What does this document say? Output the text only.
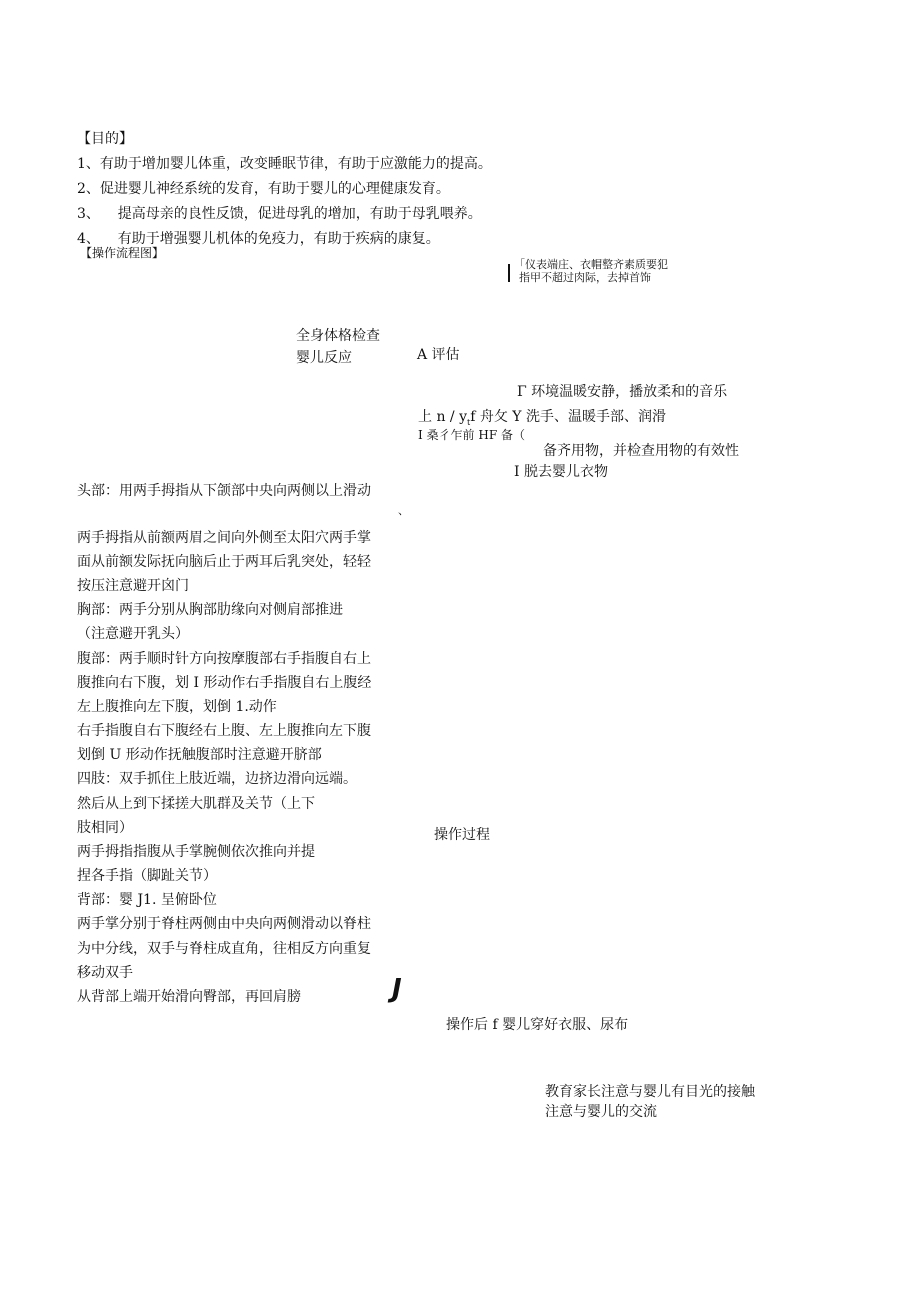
【目的】
1、有助于增加婴儿体重，改变睡眠节律，有助于应激能力的提高。
2、促进婴儿神经系统的发育，有助于婴儿的心理健康发育。
3、    提高母亲的良性反馈，促进母乳的增加，有助于母乳喂养。
4、    有助于增强婴儿机体的免疫力，有助于疾病的康复。
【操作流程图】
「仪表端庄、衣帽整齐素质要犯
指甲不超过肉际，去掉首饰
全身体格检查
婴儿反应	A 评估
Γ 环境温暖安静，播放柔和的音乐
上 n / $y_tf$ 舟攵 Y 洗手、温暖手部、润滑
I 桑彳乍前 HF 备（
备齐用物，并检查用物的有效性
I 脱去婴儿衣物
头部：用两手拇指从下颌部中央向两侧以上滑动
、
两手拇指从前额两眉之间向外侧至太阳穴两手掌
面从前额发际抚向脑后止于两耳后乳突处，轻轻
按压注意避开囟门
胸部：两手分别从胸部肋缘向对侧肩部推进
（注意避开乳头）
腹部：两手顺时针方向按摩腹部右手指腹自右上
腹推向右下腹，划 I 形动作右手指腹自右上腹经
左上腹推向左下腹，划倒 1.动作
右手指腹自右下腹经右上腹、左上腹推向左下腹
划倒 U 形动作抚触腹部时注意避开脐部
四肢：双手抓住上肢近端，边挤边滑向远端。
然后从上到下揉搓大肌群及关节（上下
肢相同）
两手拇指指腹从手掌腕侧依次推向并提
捏各手指（脚趾关节）
背部：婴 J1. 呈俯卧位
两手掌分别于脊柱两侧由中央向两侧滑动以脊柱
为中分线，双手与脊柱成直角，往相反方向重复
移动双手
从背部上端开始滑向臀部，再回肩膀
操作过程
J
操作后 f 婴儿穿好衣服、尿布
教育家长注意与婴儿有目光的接触
注意与婴儿的交流
